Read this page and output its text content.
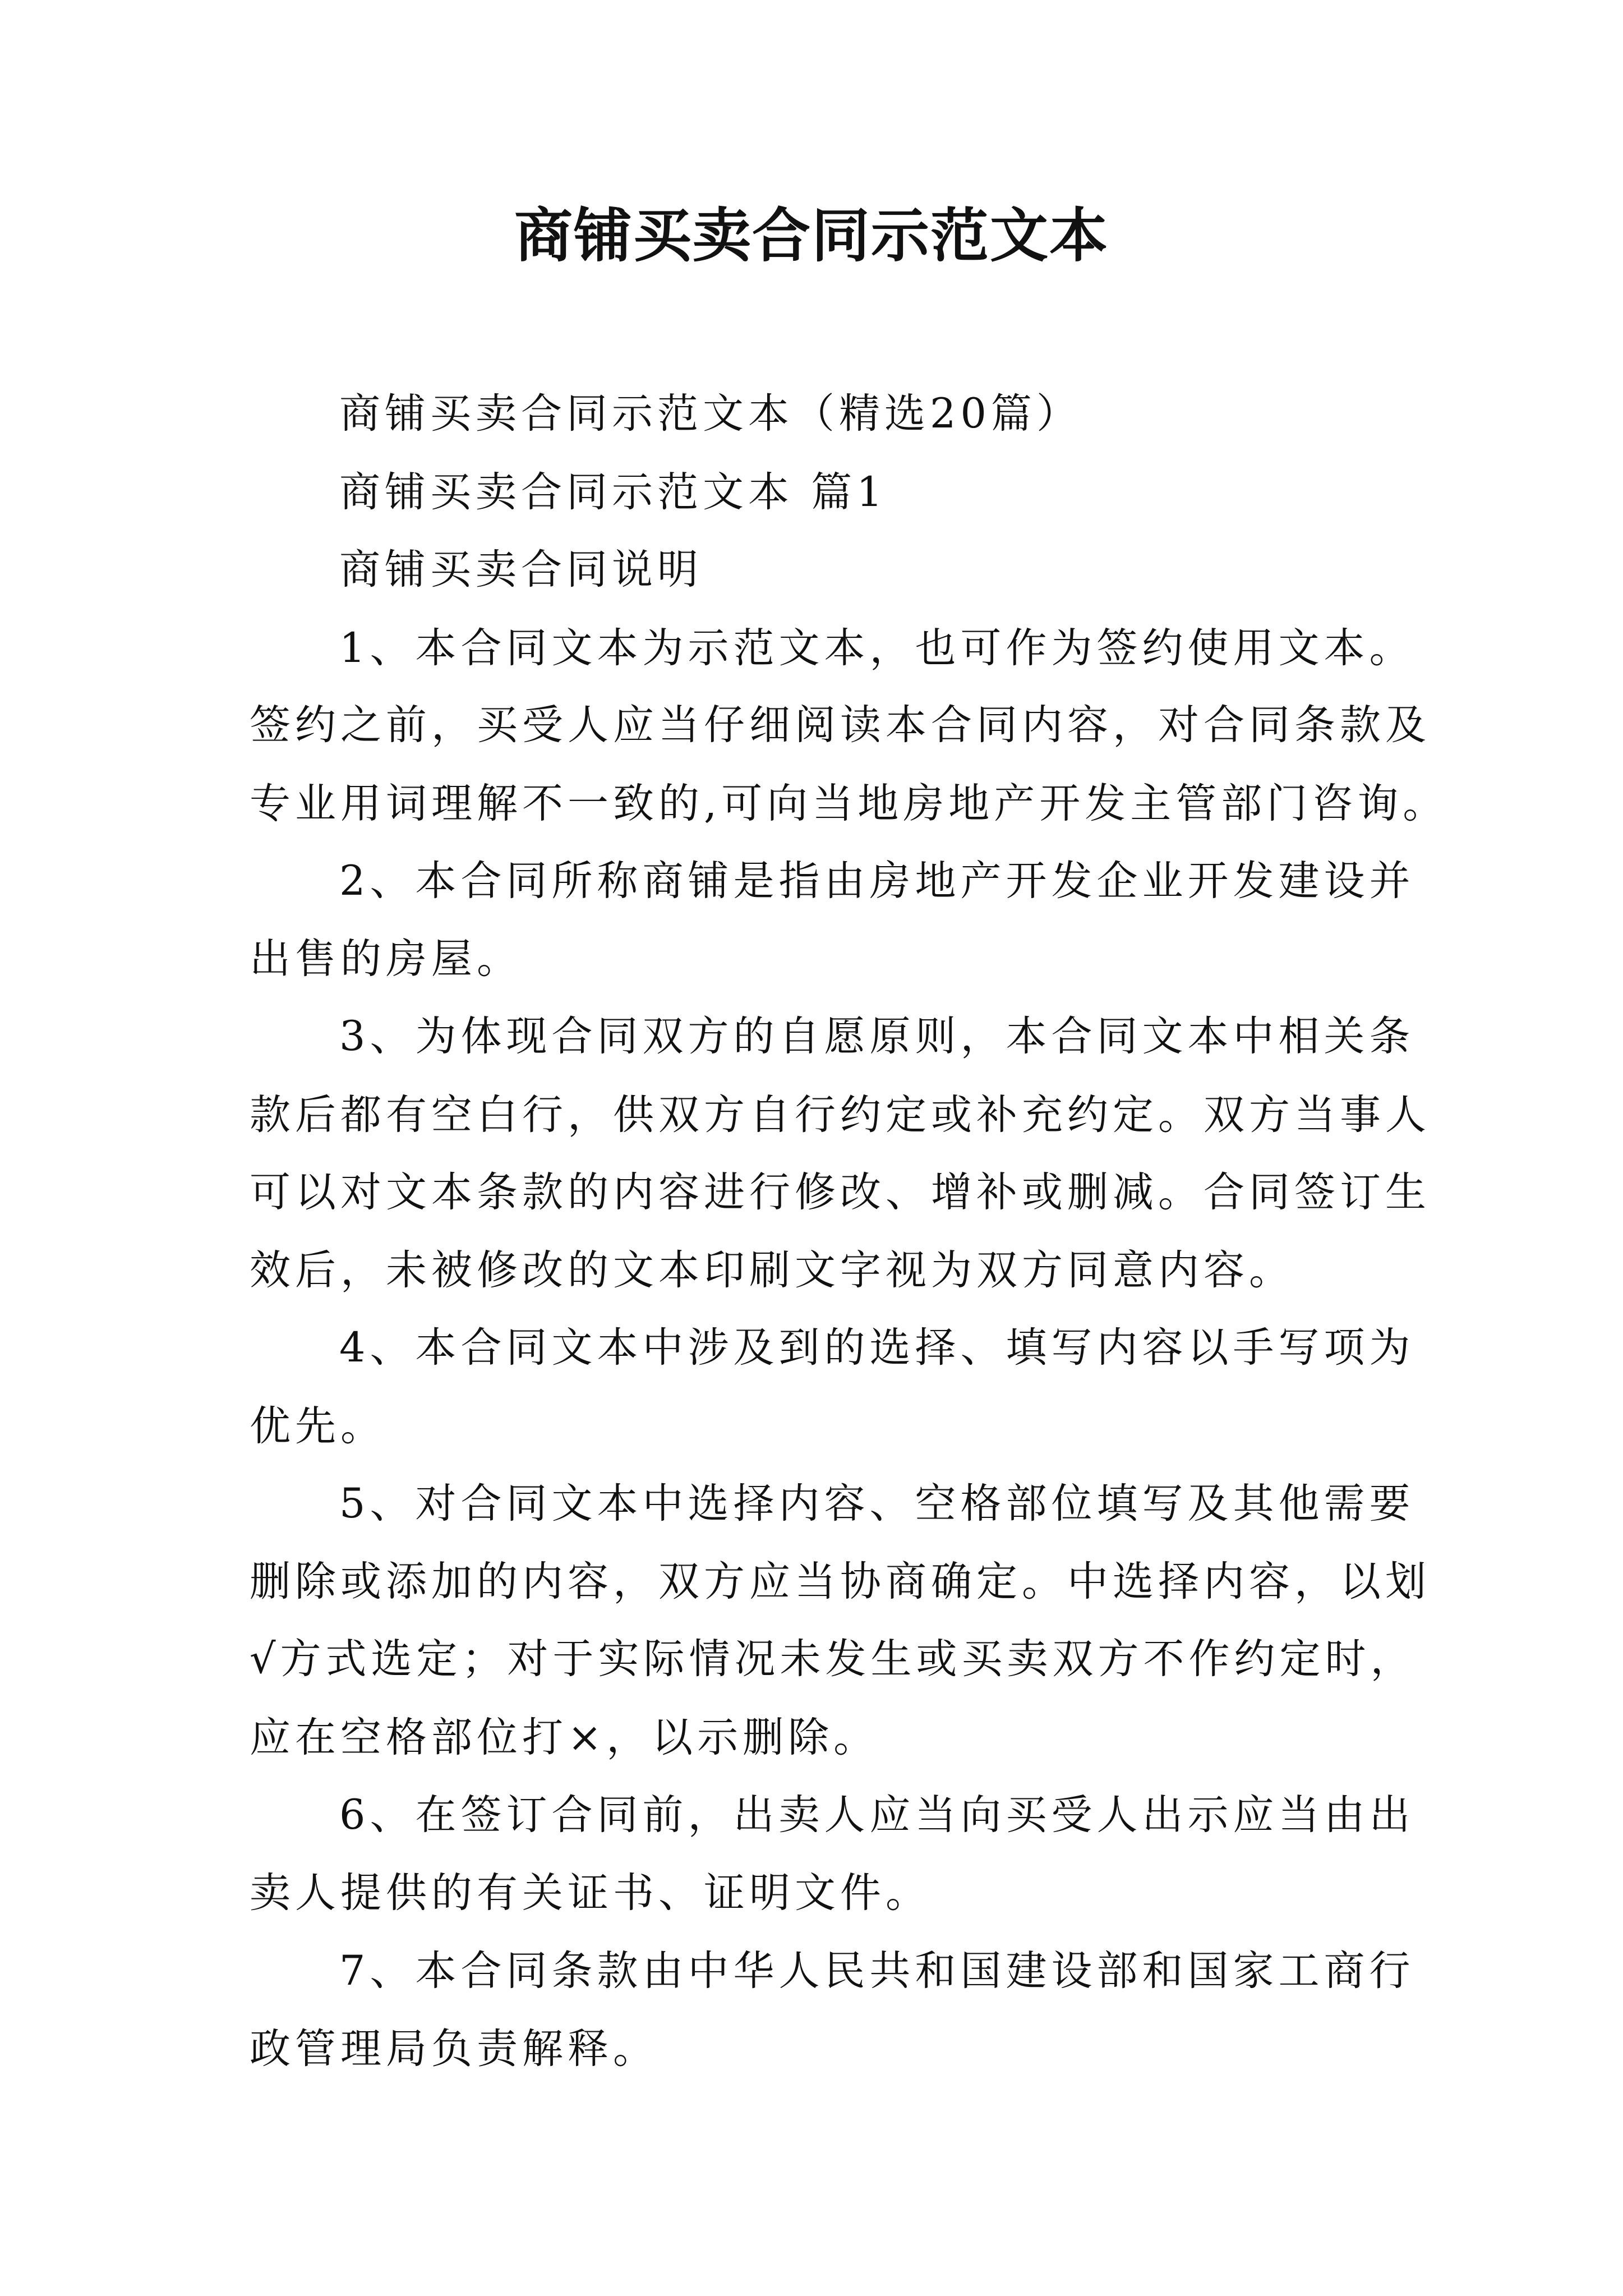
商铺买卖合同示范文本
商铺买卖合同示范文本（精选20篇）
商铺买卖合同示范文本 篇1
商铺买卖合同说明
1、本合同文本为示范文本，也可作为签约使用文本。
签约之前，买受人应当仔细阅读本合同内容，对合同条款及
专业用词理解不一致的,可向当地房地产开发主管部门咨询。
2、本合同所称商铺是指由房地产开发企业开发建设并
出售的房屋。
3、为体现合同双方的自愿原则，本合同文本中相关条
款后都有空白行，供双方自行约定或补充约定。双方当事人
可以对文本条款的内容进行修改、增补或删减。合同签订生
效后，未被修改的文本印刷文字视为双方同意内容。
4、本合同文本中涉及到的选择、填写内容以手写项为
优先。
5、对合同文本中选择内容、空格部位填写及其他需要
删除或添加的内容，双方应当协商确定。中选择内容，以划
√方式选定；对于实际情况未发生或买卖双方不作约定时，
应在空格部位打×，以示删除。
6、在签订合同前，出卖人应当向买受人出示应当由出
卖人提供的有关证书、证明文件。
7、本合同条款由中华人民共和国建设部和国家工商行
政管理局负责解释。
